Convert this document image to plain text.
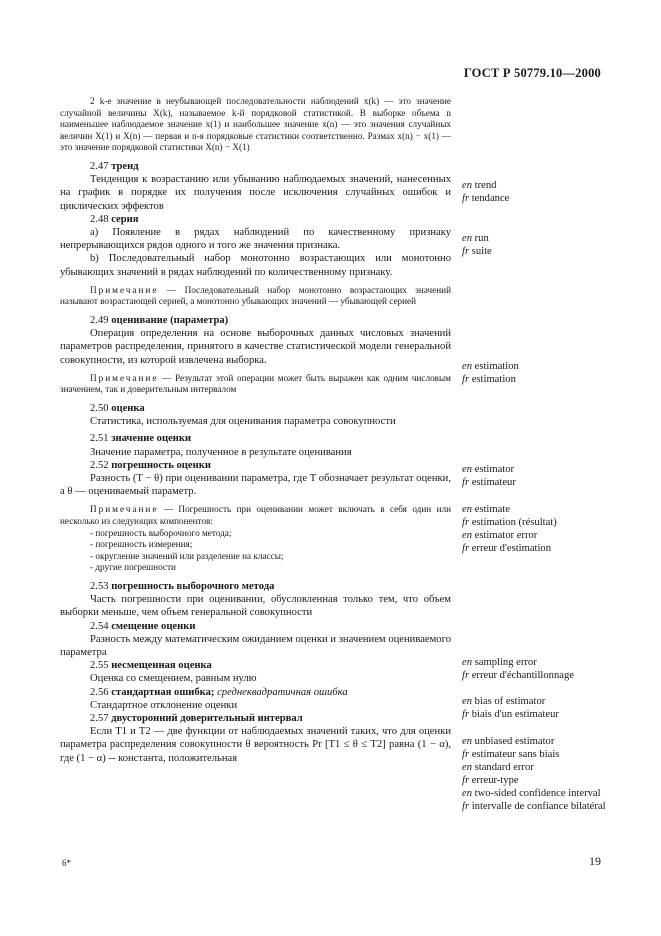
ГОСТ Р 50779.10—2000

2 k-е значение в неубывающей последовательности наблюдений x(k) — это значение случайной величины X(k), называемое k-й порядковой статистикой. В выборке объема n наименьшее наблюдаемое значение x(1) и наибольшее значение x(n) — это значения случайных величин X(1) и X(n) — первая и n-я порядковые статистики соответственно. Размах x(n) − x(1) — это значение порядковой статистики X(n) − X(1)

2.47 тренд

Тенденция к возрастанию или убыванию наблюдаемых значений, нанесенных на график в порядке их получения после исключения случайных ошибок и циклических эффектов

2.48 серия

а) Появление в рядах наблюдений по качественному признаку непрерывающихся рядов одного и того же значения признака.

b) Последовательный набор монотонно возрастающих или монотонно убывающих значений в рядах наблюдений по количественному признаку.

Примечание — Последовательный набор монотонно возрастающих значений называют возрастающей серией, а монотонно убывающих значений — убывающей серией

2.49 оценивание (параметра)

Операция определения на основе выборочных данных числовых значений параметров распределения, принятого в качестве статистической модели генеральной совокупности, из которой извлечена выборка.

Примечание — Результат этой операции может быть выражен как одним числовым значением, так и доверительным интервалом

2.50 оценка

Статистика, используемая для оценивания параметра совокупности

2.51 значение оценки

Значение параметра, полученное в результате оценивания

2.52 погрешность оценки

Разность (T − θ) при оценивании параметра, где T обозначает результат оценки, а θ — оцениваемый параметр.

Примечание — Погрешность при оценивании может включать в себя один или несколько из следующих компонентов:

- погрешность выборочного метода;
- погрешность измерения;
- округление значений или разделение на классы;
- другие погрешности
2.53 погрешность выборочного метода

Часть погрешности при оценивании, обусловленная только тем, что объем выборки меньше, чем объем генеральной совокупности

2.54 смещение оценки

Разность между математическим ожиданием оценки и значением оцениваемого параметра

2.55 несмещенная оценка

Оценка со смещением, равным нулю

2.56 стандартная ошибка; среднеквадратичная ошибка

Стандартное отклонение оценки

2.57 двусторонний доверительный интервал

Если T1 и T2 — две функции от наблюдаемых значений таких, что для оценки параметра распределения совокупности θ вероятность Pr [T1 ≤ θ ≤ T2] равна (1 − α), где (1 − α) -- константа, положительная

en trend
fr tendance
en run
fr suite
en estimation
fr estimation
en estimator
fr estimateur
en estimate
fr estimation (résultat)
en estimator error
fr erreur d'estimation
en sampling error
fr erreur d'échantillonnage
en bias of estimator
fr biais d'un estimateur
en unbiased estimator
fr estimateur sans biais
en standard error
fr erreur-type
en two-sided confidence interval
fr intervalle de confiance bilatéral
6*	19
